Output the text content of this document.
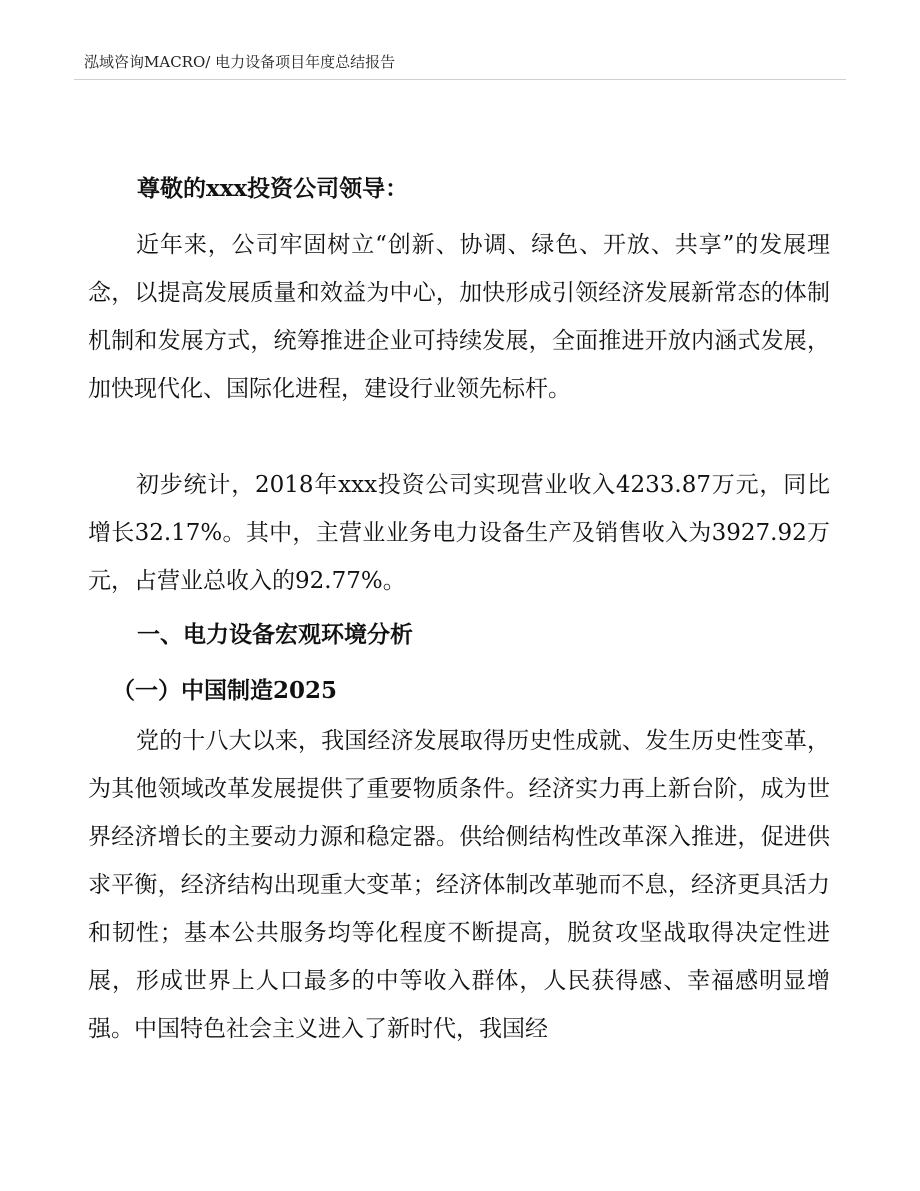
泓域咨询MACRO/ 电力设备项目年度总结报告
尊敬的xxx投资公司领导：

近年来，公司牢固树立“创新、协调、绿色、开放、共享”的发展理念，以提高发展质量和效益为中心，加快形成引领经济发展新常态的体制机制和发展方式，统筹推进企业可持续发展，全面推进开放内涵式发展，加快现代化、国际化进程，建设行业领先标杆。

初步统计，2018年xxx投资公司实现营业收入4233.87万元，同比增长32.17%。其中，主营业业务电力设备生产及销售收入为3927.92万元，占营业总收入的92.77%。

一、电力设备宏观环境分析
（一）中国制造2025

党的十八大以来，我国经济发展取得历史性成就、发生历史性变革，为其他领域改革发展提供了重要物质条件。经济实力再上新台阶，成为世界经济增长的主要动力源和稳定器。供给侧结构性改革深入推进，促进供求平衡，经济结构出现重大变革；经济体制改革驰而不息，经济更具活力和韧性；基本公共服务均等化程度不断提高，脱贫攻坚战取得决定性进展，形成世界上人口最多的中等收入群体，人民获得感、幸福感明显增强。中国特色社会主义进入了新时代，我国经
